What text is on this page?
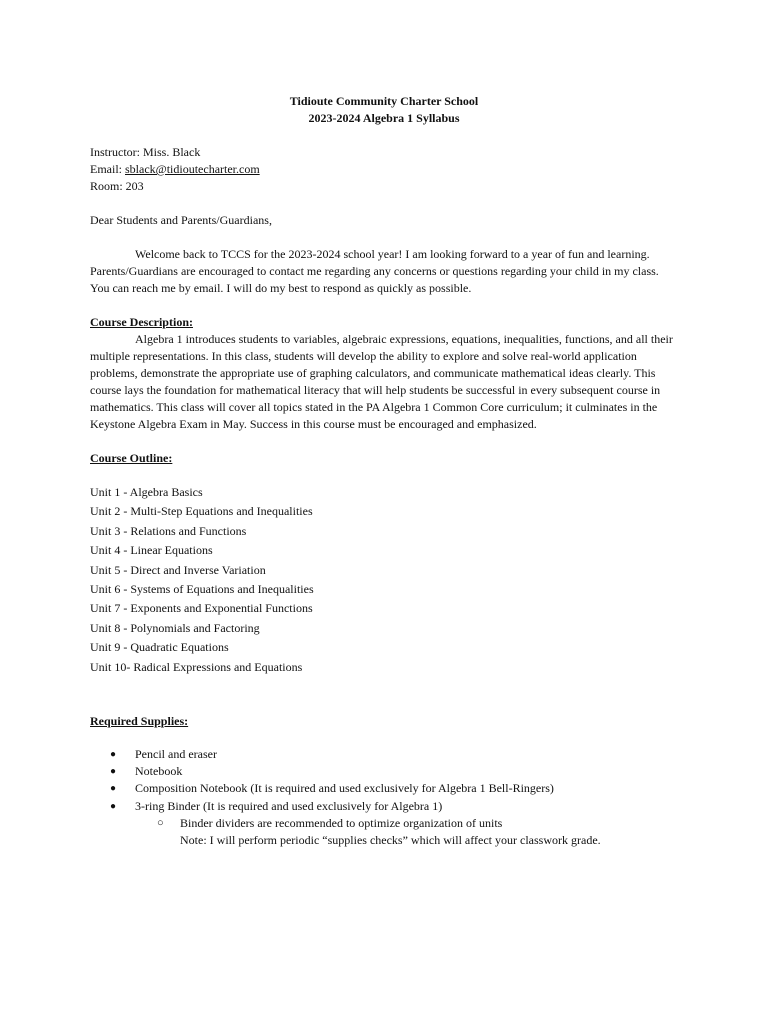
Tidioute Community Charter School
2023-2024 Algebra 1 Syllabus
Instructor: Miss. Black
Email: sblack@tidioutecharter.com
Room: 203
Dear Students and Parents/Guardians,
Welcome back to TCCS for the 2023-2024 school year! I am looking forward to a year of fun and learning. Parents/Guardians are encouraged to contact me regarding any concerns or questions regarding your child in my class. You can reach me by email. I will do my best to respond as quickly as possible.
Course Description:
Algebra 1 introduces students to variables, algebraic expressions, equations, inequalities, functions, and all their multiple representations. In this class, students will develop the ability to explore and solve real-world application problems, demonstrate the appropriate use of graphing calculators, and communicate mathematical ideas clearly. This course lays the foundation for mathematical literacy that will help students be successful in every subsequent course in mathematics. This class will cover all topics stated in the PA Algebra 1 Common Core curriculum; it culminates in the Keystone Algebra Exam in May. Success in this course must be encouraged and emphasized.
Course Outline:
Unit 1 - Algebra Basics
Unit 2 - Multi-Step Equations and Inequalities
Unit 3 - Relations and Functions
Unit 4 - Linear Equations
Unit 5 - Direct and Inverse Variation
Unit 6 - Systems of Equations and Inequalities
Unit 7 - Exponents and Exponential Functions
Unit 8 - Polynomials and Factoring
Unit 9 - Quadratic Equations
Unit 10- Radical Expressions and Equations
Required Supplies:
● Pencil and eraser
● Notebook
● Composition Notebook (It is required and used exclusively for Algebra 1 Bell-Ringers)
● 3-ring Binder (It is required and used exclusively for Algebra 1)
○ Binder dividers are recommended to optimize organization of units
Note: I will perform periodic “supplies checks” which will affect your classwork grade.
